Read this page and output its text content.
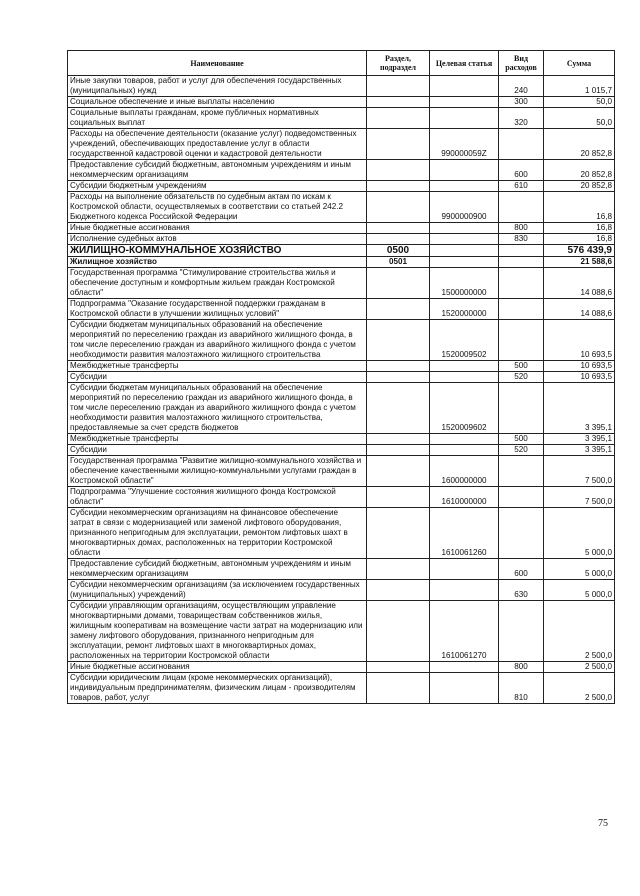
Наименование	Раздел, подраздел	Целевая статья	Вид расходов	Сумма
Иные закупки товаров, работ и услуг для обеспечения государственных (муниципальных) нужд			240	1 015,7
Социальное обеспечение и иные выплаты населению			300	50,0
Социальные выплаты гражданам, кроме публичных нормативных социальных выплат			320	50,0
Расходы на обеспечение деятельности (оказание услуг) подведомственных учреждений, обеспечивающих предоставление услуг в области государственной кадастровой оценки и кадастровой деятельности		990000059Z		20 852,8
Предоставление субсидий бюджетным, автономным учреждениям и иным некоммерческим организациям			600	20 852,8
Субсидии бюджетным учреждениям			610	20 852,8
Расходы на выполнение обязательств по судебным актам по искам к Костромской области, осуществляемых в соответствии со статьей 242.2 Бюджетного кодекса Российской Федерации		9900000900		16,8
Иные бюджетные ассигнования			800	16,8
Исполнение судебных актов			830	16,8
ЖИЛИЩНО-КОММУНАЛЬНОЕ ХОЗЯЙСТВО	0500			576 439,9
Жилищное хозяйство	0501			21 588,6
Государственная программа "Стимулирование строительства жилья и обеспечение доступным и комфортным жильем граждан Костромской области"		1500000000		14 088,6
Подпрограмма "Оказание государственной поддержки гражданам в Костромской области в улучшении жилищных условий"		1520000000		14 088,6
Субсидии бюджетам муниципальных образований на обеспечение мероприятий по переселению граждан из аварийного жилищного фонда, в том числе переселению граждан из аварийного жилищного фонда с учетом необходимости развития малоэтажного жилищного строительства		1520009502		10 693,5
Межбюджетные трансферты			500	10 693,5
Субсидии			520	10 693,5
Субсидии бюджетам муниципальных образований на обеспечение мероприятий по переселению граждан из аварийного жилищного фонда, в том числе переселению граждан из аварийного жилищного фонда с учетом необходимости развития малоэтажного жилищного строительства, предоставляемые за счет средств бюджетов		1520009602		3 395,1
Межбюджетные трансферты			500	3 395,1
Субсидии			520	3 395,1
Государственная программа "Развитие жилищно-коммунального хозяйства и обеспечение качественными жилищно-коммунальными услугами граждан в Костромской области"		1600000000		7 500,0
Подпрограмма "Улучшение состояния жилищного фонда Костромской области"		1610000000		7 500,0
Субсидии некоммерческим организациям на финансовое обеспечение затрат в связи с модернизацией или заменой лифтового оборудования, признанного непригодным для эксплуатации, ремонтом лифтовых шахт в многоквартирных домах, расположенных на территории Костромской области		1610061260		5 000,0
Предоставление субсидий бюджетным, автономным учреждениям и иным некоммерческим организациям			600	5 000,0
Субсидии некоммерческим организациям (за исключением государственных (муниципальных) учреждений)			630	5 000,0
Субсидии управляющим организациям, осуществляющим управление многоквартирными домами, товариществам собственников жилья, жилищным кооперативам на возмещение части затрат на модернизацию или замену лифтового оборудования, признанного непригодным для эксплуатации, ремонт лифтовых шахт в многоквартирных домах, расположенных на территории Костромской области		1610061270		2 500,0
Иные бюджетные ассигнования			800	2 500,0
Субсидии юридическим лицам (кроме некоммерческих организаций), индивидуальным предпринимателям, физическим лицам - производителям товаров, работ, услуг			810	2 500,0
75
